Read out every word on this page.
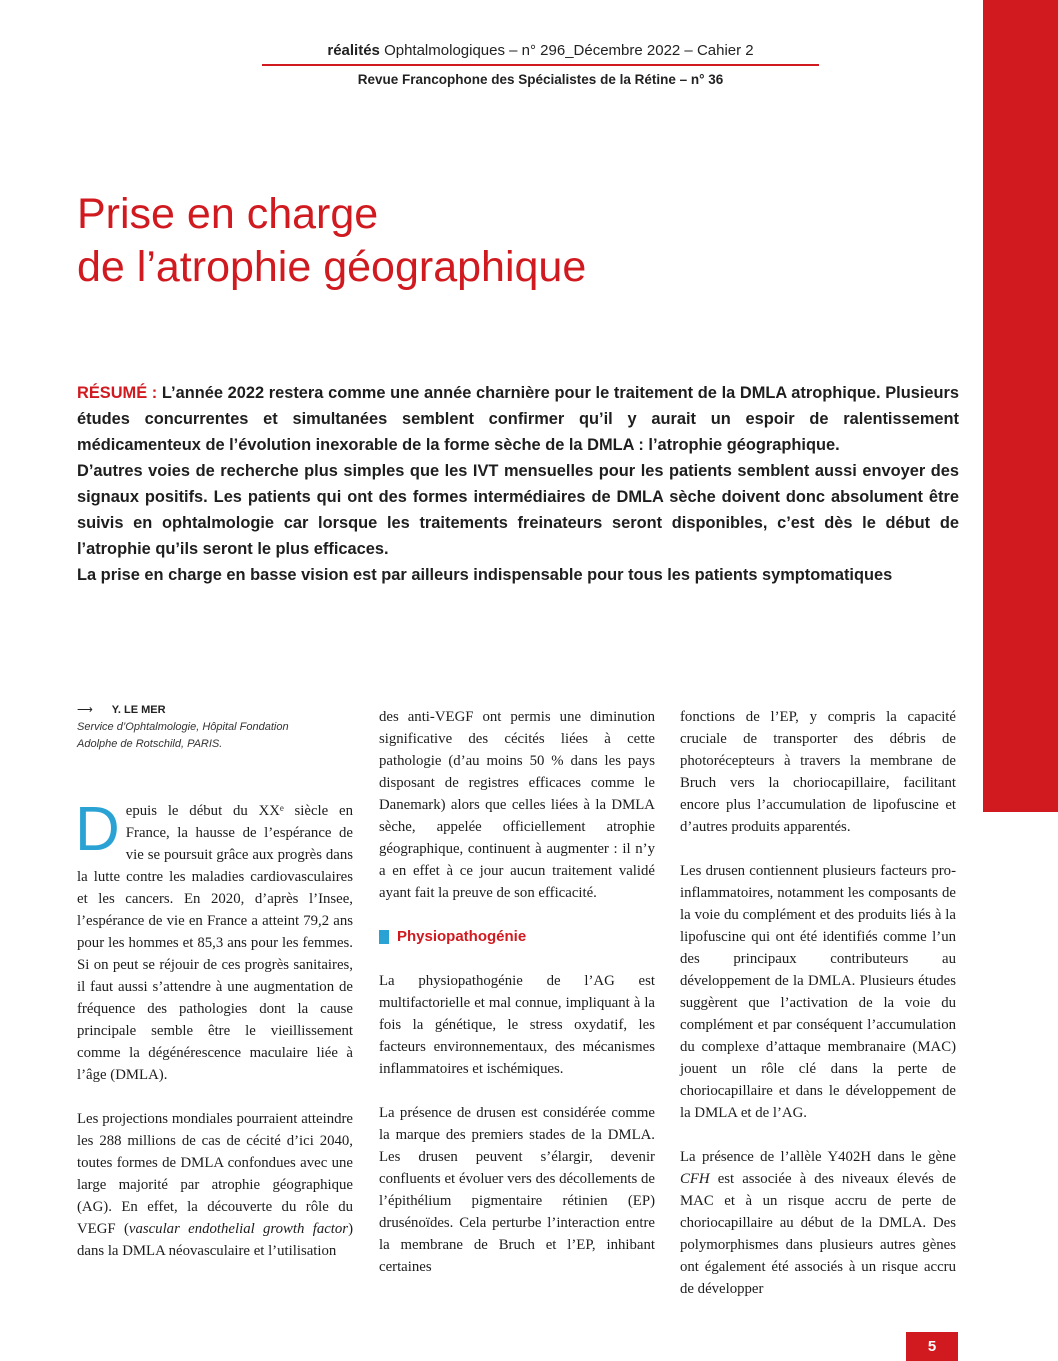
réalités Ophtalmologiques – n° 296_Décembre 2022 – Cahier 2
Revue Francophone des Spécialistes de la Rétine – n° 36
Prise en charge
de l’atrophie géographique

RÉSUMÉ : L’année 2022 restera comme une année charnière pour le traitement de la DMLA atrophique. Plusieurs études concurrentes et simultanées semblent confirmer qu’il y aurait un espoir de ralentissement médicamenteux de l’évolution inexorable de la forme sèche de la DMLA : l’atrophie géographique.

D’autres voies de recherche plus simples que les IVT mensuelles pour les patients semblent aussi envoyer des signaux positifs. Les patients qui ont des formes intermédiaires de DMLA sèche doivent donc absolument être suivis en ophtalmologie car lorsque les traitements freinateurs seront disponibles, c’est dès le début de l’atrophie qu’ils seront le plus efficaces.

La prise en charge en basse vision est par ailleurs indispensable pour tous les patients symptomatiques

⟶ Y. LE MER
Service d’Ophtalmologie, Hôpital Fondation
Adolphe de Rotschild, PARIS.

Depuis le début du XXᵉ siècle en France, la hausse de l’espérance de vie se poursuit grâce aux progrès dans la lutte contre les maladies cardiovasculaires et les cancers. En 2020, d’après l’Insee, l’espérance de vie en France a atteint 79,2 ans pour les hommes et 85,3 ans pour les femmes. Si on peut se réjouir de ces progrès sanitaires, il faut aussi s’attendre à une augmentation de fréquence des pathologies dont la cause principale semble être le vieillissement comme la dégénérescence maculaire liée à l’âge (DMLA).

Les projections mondiales pourraient atteindre les 288 millions de cas de cécité d’ici 2040, toutes formes de DMLA confondues avec une large majorité par atrophie géographique (AG). En effet, la découverte du rôle du VEGF (vascular endothelial growth factor) dans la DMLA néovasculaire et l’utilisation

des anti-VEGF ont permis une diminution significative des cécités liées à cette pathologie (d’au moins 50 % dans les pays disposant de registres efficaces comme le Danemark) alors que celles liées à la DMLA sèche, appelée officiellement atrophie géographique, continuent à augmenter : il n’y a en effet à ce jour aucun traitement validé ayant fait la preuve de son efficacité.

Physiopathogénie

La physiopathogénie de l’AG est multifactorielle et mal connue, impliquant à la fois la génétique, le stress oxydatif, les facteurs environnementaux, des mécanismes inflammatoires et ischémiques.

La présence de drusen est considérée comme la marque des premiers stades de la DMLA. Les drusen peuvent s’élargir, devenir confluents et évoluer vers des décollements de l’épithélium pigmentaire rétinien (EP) drusénoïdes. Cela perturbe l’interaction entre la membrane de Bruch et l’EP, inhibant certaines

fonctions de l’EP, y compris la capacité cruciale de transporter des débris de photorécepteurs à travers la membrane de Bruch vers la choriocapillaire, facilitant encore plus l’accumulation de lipofuscine et d’autres produits apparentés.

Les drusen contiennent plusieurs facteurs pro-inflammatoires, notamment les composants de la voie du complément et des produits liés à la lipofuscine qui ont été identifiés comme l’un des principaux contributeurs au développement de la DMLA. Plusieurs études suggèrent que l’activation de la voie du complément et par conséquent l’accumulation du complexe d’attaque membranaire (MAC) jouent un rôle clé dans la perte de choriocapillaire et dans le développement de la DMLA et de l’AG.

La présence de l’allèle Y402H dans le gène CFH est associée à des niveaux élevés de MAC et à un risque accru de perte de choriocapillaire au début de la DMLA. Des polymorphismes dans plusieurs autres gènes ont également été associés à un risque accru de développer

5
